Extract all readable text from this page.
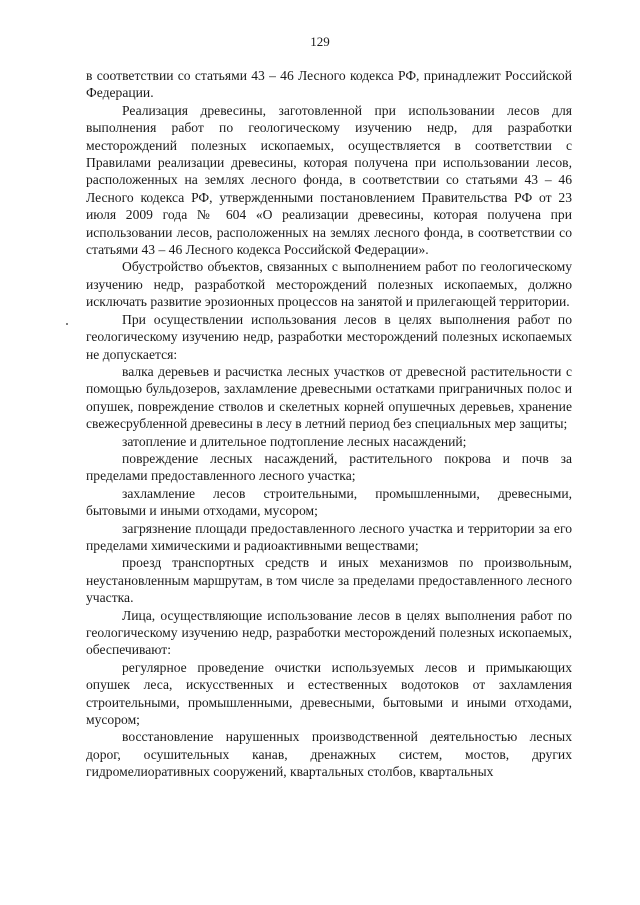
129

в соответствии со статьями 43 – 46 Лесного кодекса РФ, принадлежит Российской Федерации.

Реализация древесины, заготовленной при использовании лесов для выполнения работ по геологическому изучению недр, для разработки месторождений полезных ископаемых, осуществляется в соответствии с Правилами реализации древесины, которая получена при использовании лесов, расположенных на землях лесного фонда, в соответствии со статьями 43 – 46 Лесного кодекса РФ, утвержденными постановлением Правительства РФ от 23 июля 2009 года № 604 «О реализации древесины, которая получена при использовании лесов, расположенных на землях лесного фонда, в соответствии со статьями 43 – 46 Лесного кодекса Российской Федерации».

Обустройство объектов, связанных с выполнением работ по геологическому изучению недр, разработкой месторождений полезных ископаемых, должно исключать развитие эрозионных процессов на занятой и прилегающей территории.

При осуществлении использования лесов в целях выполнения работ по геологическому изучению недр, разработки месторождений полезных ископаемых не допускается:

валка деревьев и расчистка лесных участков от древесной растительности с помощью бульдозеров, захламление древесными остатками приграничных полос и опушек, повреждение стволов и скелетных корней опушечных деревьев, хранение свежесрубленной древесины в лесу в летний период без специальных мер защиты;

затопление и длительное подтопление лесных насаждений;

повреждение лесных насаждений, растительного покрова и почв за пределами предоставленного лесного участка;

захламление лесов строительными, промышленными, древесными, бытовыми и иными отходами, мусором;

загрязнение площади предоставленного лесного участка и территории за его пределами химическими и радиоактивными веществами;

проезд транспортных средств и иных механизмов по произвольным, неустановленным маршрутам, в том числе за пределами предоставленного лесного участка.

Лица, осуществляющие использование лесов в целях выполнения работ по геологическому изучению недр, разработки месторождений полезных ископаемых, обеспечивают:

регулярное проведение очистки используемых лесов и примыкающих опушек леса, искусственных и естественных водотоков от захламления строительными, промышленными, древесными, бытовыми и иными отходами, мусором;

восстановление нарушенных производственной деятельностью лесных дорог, осушительных канав, дренажных систем, мостов, других гидромелиоративных сооружений, квартальных столбов, квартальных
